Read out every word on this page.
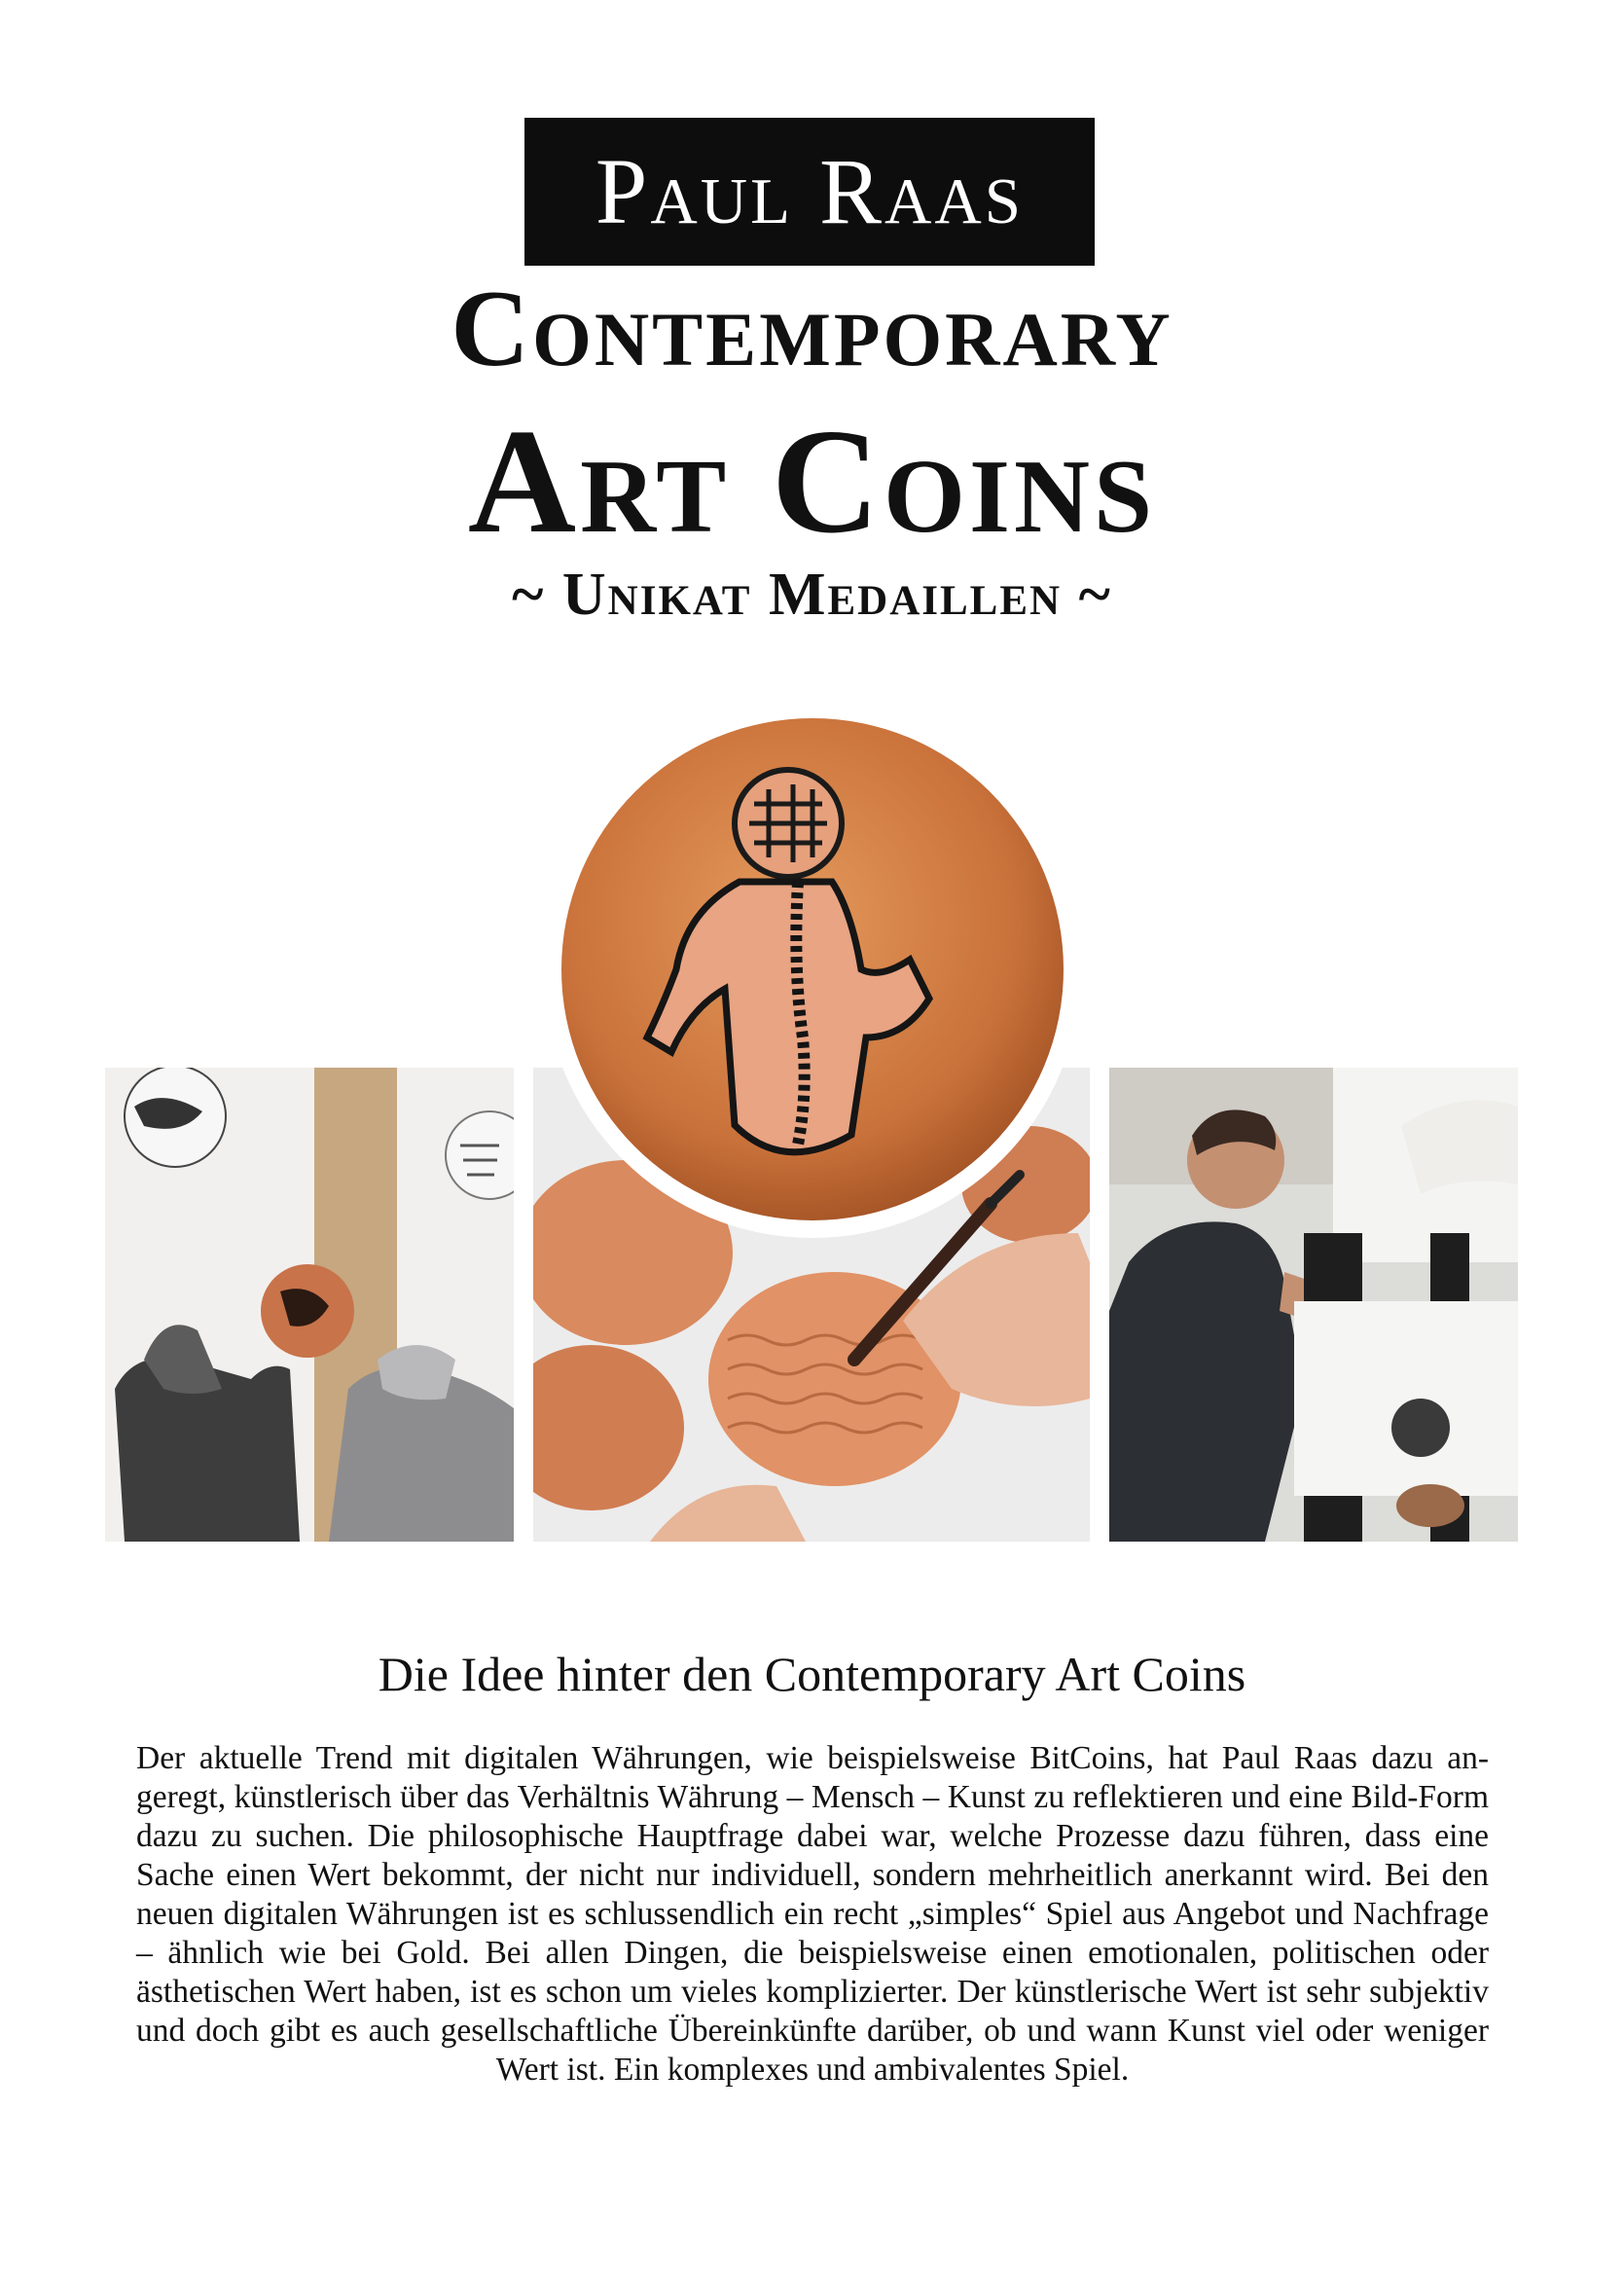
Paul Raas
Contemporary
Art Coins
~ Unikat Medaillen ~
Die Idee hinter den Contemporary Art Coins
Der aktuelle Trend mit digitalen Währungen, wie beispielsweise BitCoins, hat Paul Raas dazu angeregt, künstlerisch über das Verhältnis Währung – Mensch – Kunst zu reflektieren und eine Bild-Form dazu zu suchen. Die philosophische Hauptfrage dabei war, welche Prozesse dazu führen, dass eine Sache einen Wert bekommt, der nicht nur individuell, sondern mehrheitlich anerkannt wird. Bei den neuen digitalen Währungen ist es schlussendlich ein recht „simples“ Spiel aus Angebot und Nachfrage – ähnlich wie bei Gold. Bei allen Dingen, die beispielsweise einen emotionalen, politischen oder ästhetischen Wert haben, ist es schon um vieles komplizierter. Der künstlerische Wert ist sehr subjektiv und doch gibt es auch gesellschaftliche Übereinkünfte darüber, ob und wann Kunst viel oder weniger Wert ist. Ein komplexes und ambivalentes Spiel.
